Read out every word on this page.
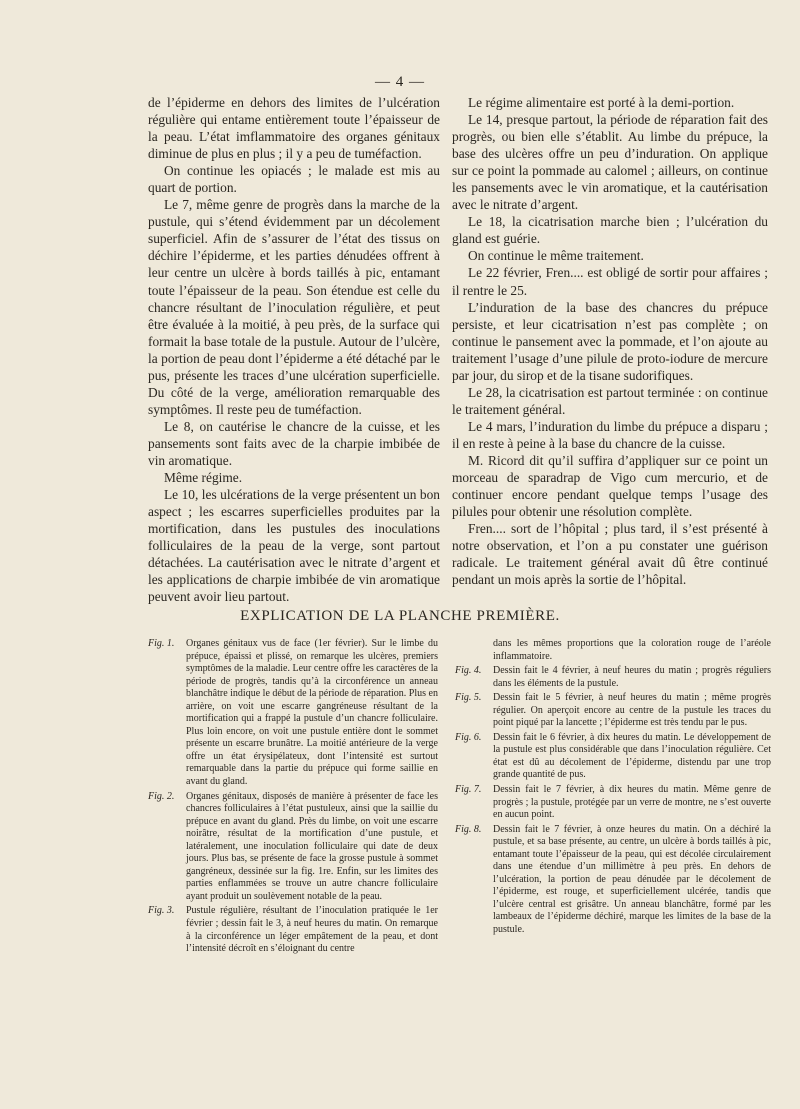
— 4 —

de l’épiderme en dehors des limites de l’ulcération régulière qui entame entièrement toute l’épaisseur de la peau. L’état imflammatoire des organes génitaux diminue de plus en plus ; il y a peu de tuméfaction.

On continue les opiacés ; le malade est mis au quart de portion.

Le 7, même genre de progrès dans la marche de la pustule, qui s’étend évidemment par un décolement superficiel. Afin de s’assurer de l’état des tissus on déchire l’épiderme, et les parties dénudées offrent à leur centre un ulcère à bords taillés à pic, entamant toute l’épaisseur de la peau. Son étendue est celle du chancre résultant de l’inoculation régulière, et peut être évaluée à la moitié, à peu près, de la surface qui formait la base totale de la pustule. Autour de l’ulcère, la portion de peau dont l’épiderme a été détaché par le pus, présente les traces d’une ulcération superficielle. Du côté de la verge, amélioration remarquable des symptômes. Il reste peu de tuméfaction.

Le 8, on cautérise le chancre de la cuisse, et les pansements sont faits avec de la charpie imbibée de vin aromatique.

Même régime.

Le 10, les ulcérations de la verge présentent un bon aspect ; les escarres superficielles produites par la mortification, dans les pustules des inoculations folliculaires de la peau de la verge, sont partout détachées. La cautérisation avec le nitrate d’argent et les applications de charpie imbibée de vin aromatique peuvent avoir lieu partout.

Le régime alimentaire est porté à la demi-portion.

Le 14, presque partout, la période de réparation fait des progrès, ou bien elle s’établit. Au limbe du prépuce, la base des ulcères offre un peu d’induration. On applique sur ce point la pommade au calomel ; ailleurs, on continue les pansements avec le vin aromatique, et la cautérisation avec le nitrate d’argent.

Le 18, la cicatrisation marche bien ; l’ulcération du gland est guérie.

On continue le même traitement.

Le 22 février, Fren.... est obligé de sortir pour affaires ; il rentre le 25.

L’induration de la base des chancres du prépuce persiste, et leur cicatrisation n’est pas complète ; on continue le pansement avec la pommade, et l’on ajoute au traitement l’usage d’une pilule de proto-iodure de mercure par jour, du sirop et de la tisane sudorifiques.

Le 28, la cicatrisation est partout terminée : on continue le traitement général.

Le 4 mars, l’induration du limbe du prépuce a disparu ; il en reste à peine à la base du chancre de la cuisse.

M. Ricord dit qu’il suffira d’appliquer sur ce point un morceau de sparadrap de Vigo cum mercurio, et de continuer encore pendant quelque temps l’usage des pilules pour obtenir une résolution complète.

Fren.... sort de l’hôpital ; plus tard, il s’est présenté à notre observation, et l’on a pu constater une guérison radicale. Le traitement général avait dû être continué pendant un mois après la sortie de l’hôpital.

EXPLICATION DE LA PLANCHE PREMIÈRE.
Fig. 1. Organes génitaux vus de face (1er février). Sur le limbe du prépuce, épaissi et plissé, on remarque les ulcères, premiers symptômes de la maladie. Leur centre offre les caractères de la période de progrès, tandis qu’à la circonférence un anneau blanchâtre indique le début de la période de réparation. Plus en arrière, on voit une escarre gangréneuse résultant de la mortification qui a frappé la pustule d’un chancre folliculaire. Plus loin encore, on voit une pustule entière dont le sommet présente un escarre brunâtre. La moitié antérieure de la verge offre un état érysipélateux, dont l’intensité est surtout remarquable dans la partie du prépuce qui forme saillie en avant du gland.

Fig. 2. Organes génitaux, disposés de manière à présenter de face les chancres folliculaires à l’état pustuleux, ainsi que la saillie du prépuce en avant du gland. Près du limbe, on voit une escarre noirâtre, résultat de la mortification d’une pustule, et latéralement, une inoculation folliculaire qui date de deux jours. Plus bas, se présente de face la grosse pustule à sommet gangréneux, dessinée sur la fig. 1re. Enfin, sur les limites des parties enflammées se trouve un autre chancre folliculaire ayant produit un soulèvement notable de la peau.

Fig. 3. Pustule régulière, résultant de l’inoculation pratiquée le 1er février ; dessin fait le 3, à neuf heures du matin. On remarque à la circonférence un léger empâtement de la peau, et dont l’intensité décroît en s’éloignant du centre

dans les mêmes proportions que la coloration rouge de l’aréole inflammatoire.

Fig. 4. Dessin fait le 4 février, à neuf heures du matin ; progrès réguliers dans les éléments de la pustule.

Fig. 5. Dessin fait le 5 février, à neuf heures du matin ; même progrès régulier. On aperçoit encore au centre de la pustule les traces du point piqué par la lancette ; l’épiderme est très tendu par le pus.

Fig. 6. Dessin fait le 6 février, à dix heures du matin. Le développement de la pustule est plus considérable que dans l’inoculation régulière. Cet état est dû au décolement de l’épiderme, distendu par une trop grande quantité de pus.

Fig. 7. Dessin fait le 7 février, à dix heures du matin. Même genre de progrès ; la pustule, protégée par un verre de montre, ne s’est ouverte en aucun point.

Fig. 8. Dessin fait le 7 février, à onze heures du matin. On a déchiré la pustule, et sa base présente, au centre, un ulcère à bords taillés à pic, entamant toute l’épaisseur de la peau, qui est décolée circulairement dans une étendue d’un millimètre à peu près. En dehors de l’ulcération, la portion de peau dénudée par le décolement de l’épiderme, est rouge, et superficiellement ulcérée, tandis que l’ulcère central est grisâtre. Un anneau blanchâtre, formé par les lambeaux de l’épiderme déchiré, marque les limites de la base de la pustule.
